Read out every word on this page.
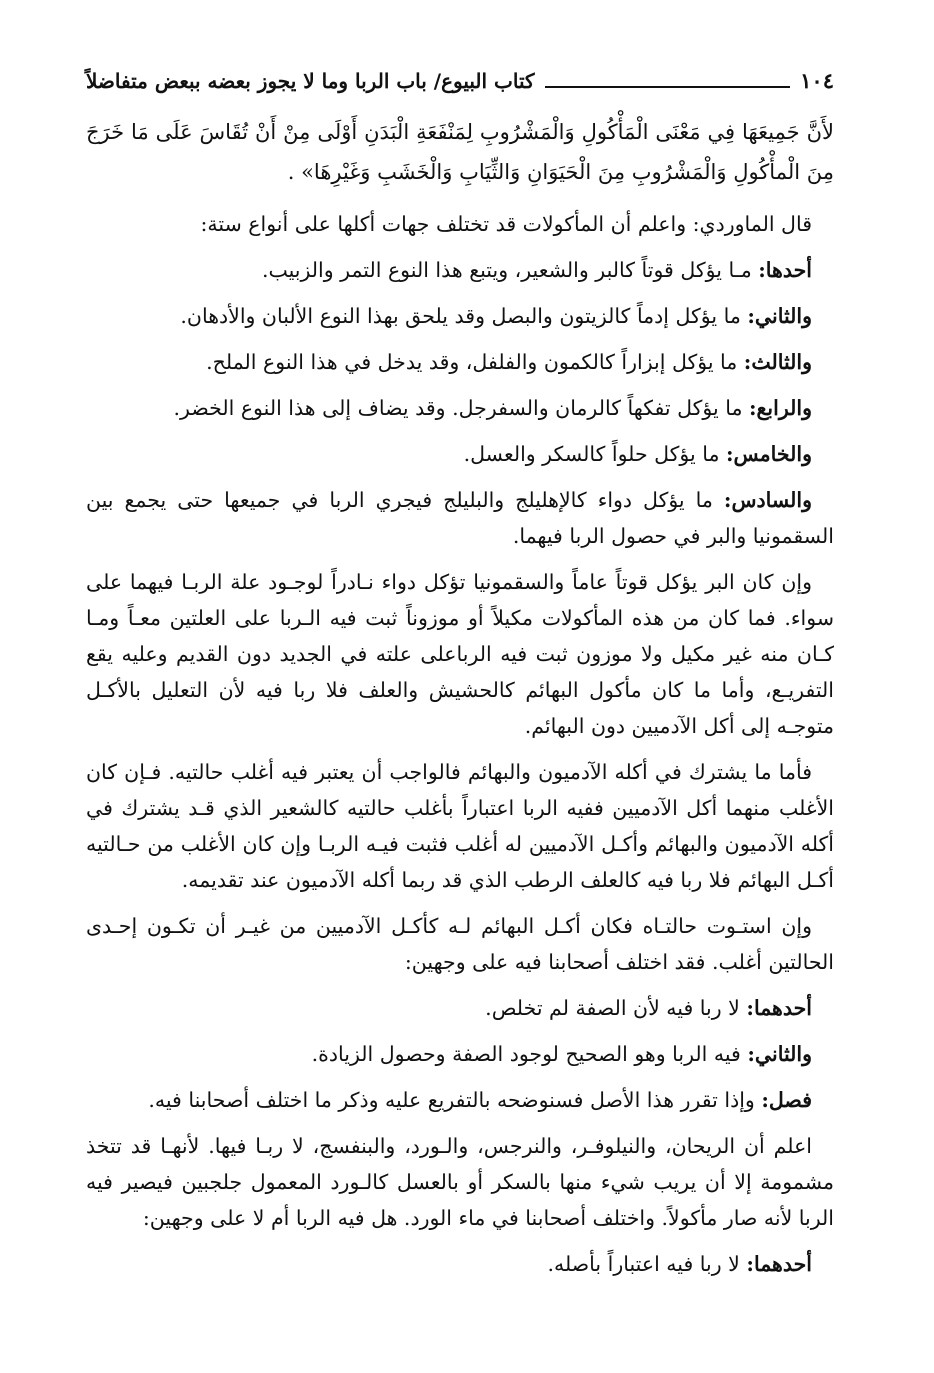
١٠٤
كتاب البيوع/ باب الربا وما لا يجوز بعضه ببعض متفاضلاً

لأَنَّ جَمِيعَهَا فِي مَعْنَى الْمَأْكُولِ وَالْمَشْرُوبِ لِمَنْفَعَةِ الْبَدَنِ أَوْلَى مِنْ أَنْ تُقَاسَ عَلَى مَا خَرَجَ مِنَ الْمأْكُولِ وَالْمَشْرُوبِ مِنَ الْحَيَوَانِ وَالثِّيَابِ وَالْخَشَبِ وَغَيْرِهَا» .

قال الماوردي: واعلم أن المأكولات قد تختلف جهات أكلها على أنواع ستة:

أحدها: مـا يؤكل قوتاً كالبر والشعير، ويتبع هذا النوع التمر والزبيب.

والثاني: ما يؤكل إدماً كالزيتون والبصل وقد يلحق بهذا النوع الألبان والأدهان.

والثالث: ما يؤكل إبزاراً كالكمون والفلفل، وقد يدخل في هذا النوع الملح.

والرابع: ما يؤكل تفكهاً كالرمان والسفرجل. وقد يضاف إلى هذا النوع الخضر.

والخامس: ما يؤكل حلواً كالسكر والعسل.

والسادس: ما يؤكل دواء كالإهليلج والبليلج فيجري الربا في جميعها حتى يجمع بين السقمونيا والبر في حصول الربا فيهما.

وإن كان البر يؤكل قوتاً عاماً والسقمونيا تؤكل دواء نـادراً لوجـود علة الربـا فيهما على سواء. فما كان من هذه المأكولات مكيلاً أو موزوناً ثبت فيه الـربا على العلتين معـاً ومـا كـان منه غير مكيل ولا موزون ثبت فيه الرباعلى علته في الجديد دون القديم وعليه يقع التفريـع، وأما ما كان مأكول البهائم كالحشيش والعلف فلا ربا فيه لأن التعليل بالأكـل متوجـه إلى أكل الآدميين دون البهائم.

فأما ما يشترك في أكله الآدميون والبهائم فالواجب أن يعتبر فيه أغلب حالتيه. فـإن كان الأغلب منهما أكل الآدميين ففيه الربا اعتباراً بأغلب حالتيه كالشعير الذي قـد يشترك في أكله الآدميون والبهائم وأكـل الآدميين له أغلب فثبت فيـه الربـا وإن كان الأغلب من حـالتيه أكـل البهائم فلا ربا فيه كالعلف الرطب الذي قد ربما أكله الآدميون عند تقديمه.

وإن استـوت حالتـاه فكان أكـل البهائم لـه كأكـل الآدميين من غيـر أن تكـون إحـدى الحالتين أغلب. فقد اختلف أصحابنا فيه على وجهين:

أحدهما: لا ربا فيه لأن الصفة لم تخلص.

والثاني: فيه الربا وهو الصحيح لوجود الصفة وحصول الزيادة.

فصل: وإذا تقرر هذا الأصل فسنوضحه بالتفريع عليه وذكر ما اختلف أصحابنا فيه.

اعلم أن الريحان، والنيلوفـر، والنرجس، والـورد، والبنفسج، لا ربـا فيها. لأنهـا قد تتخذ مشمومة إلا أن يريب شيء منها بالسكر أو بالعسل كالـورد المعمول جلجبين فيصير فيه الربا لأنه صار مأكولاً. واختلف أصحابنا في ماء الورد. هل فيه الربا أم لا على وجهين:

أحدهما: لا ربا فيه اعتباراً بأصله.
